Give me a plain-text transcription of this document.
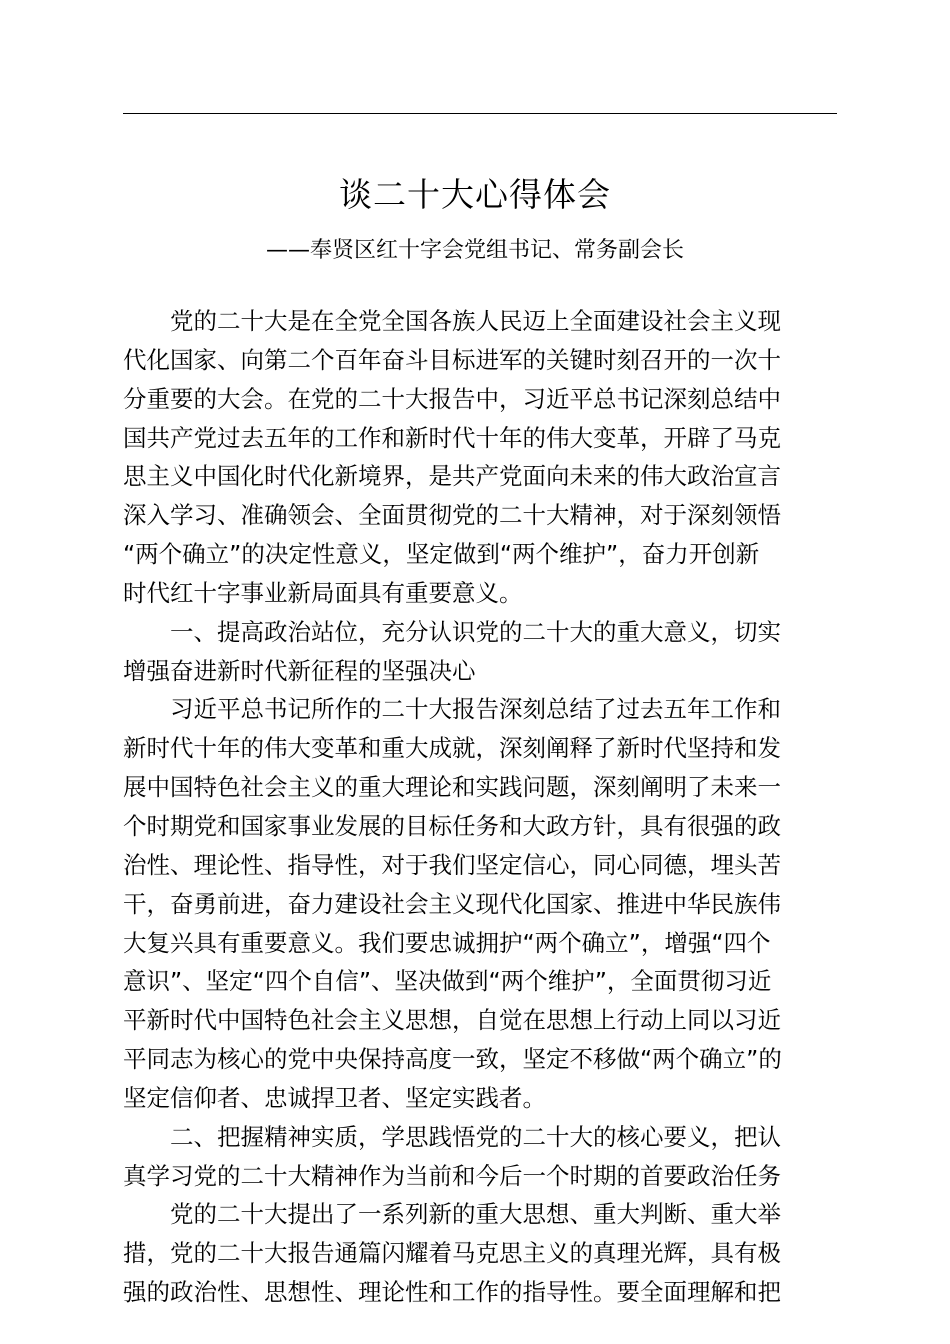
谈二十大心得体会
——奉贤区红十字会党组书记、常务副会长
党的二十大是在全党全国各族人民迈上全面建设社会主义现
代化国家、向第二个百年奋斗目标进军的关键时刻召开的一次十
分重要的大会。在党的二十大报告中，习近平总书记深刻总结中
国共产党过去五年的工作和新时代十年的伟大变革，开辟了马克
思主义中国化时代化新境界，是共产党面向未来的伟大政治宣言
深入学习、准确领会、全面贯彻党的二十大精神，对于深刻领悟
“两个确立”的决定性意义，坚定做到“两个维护”，奋力开创新
时代红十字事业新局面具有重要意义。
一、提高政治站位，充分认识党的二十大的重大意义，切实
增强奋进新时代新征程的坚强决心
习近平总书记所作的二十大报告深刻总结了过去五年工作和
新时代十年的伟大变革和重大成就，深刻阐释了新时代坚持和发
展中国特色社会主义的重大理论和实践问题，深刻阐明了未来一
个时期党和国家事业发展的目标任务和大政方针，具有很强的政
治性、理论性、指导性，对于我们坚定信心，同心同德，埋头苦
干，奋勇前进，奋力建设社会主义现代化国家、推进中华民族伟
大复兴具有重要意义。我们要忠诚拥护“两个确立”，增强“四个
意识”、坚定“四个自信”、坚决做到“两个维护”，全面贯彻习近
平新时代中国特色社会主义思想，自觉在思想上行动上同以习近
平同志为核心的党中央保持高度一致，坚定不移做“两个确立”的
坚定信仰者、忠诚捍卫者、坚定实践者。
二、把握精神实质，学思践悟党的二十大的核心要义，把认
真学习党的二十大精神作为当前和今后一个时期的首要政治任务
党的二十大提出了一系列新的重大思想、重大判断、重大举
措，党的二十大报告通篇闪耀着马克思主义的真理光辉，具有极
强的政治性、思想性、理论性和工作的指导性。要全面理解和把
